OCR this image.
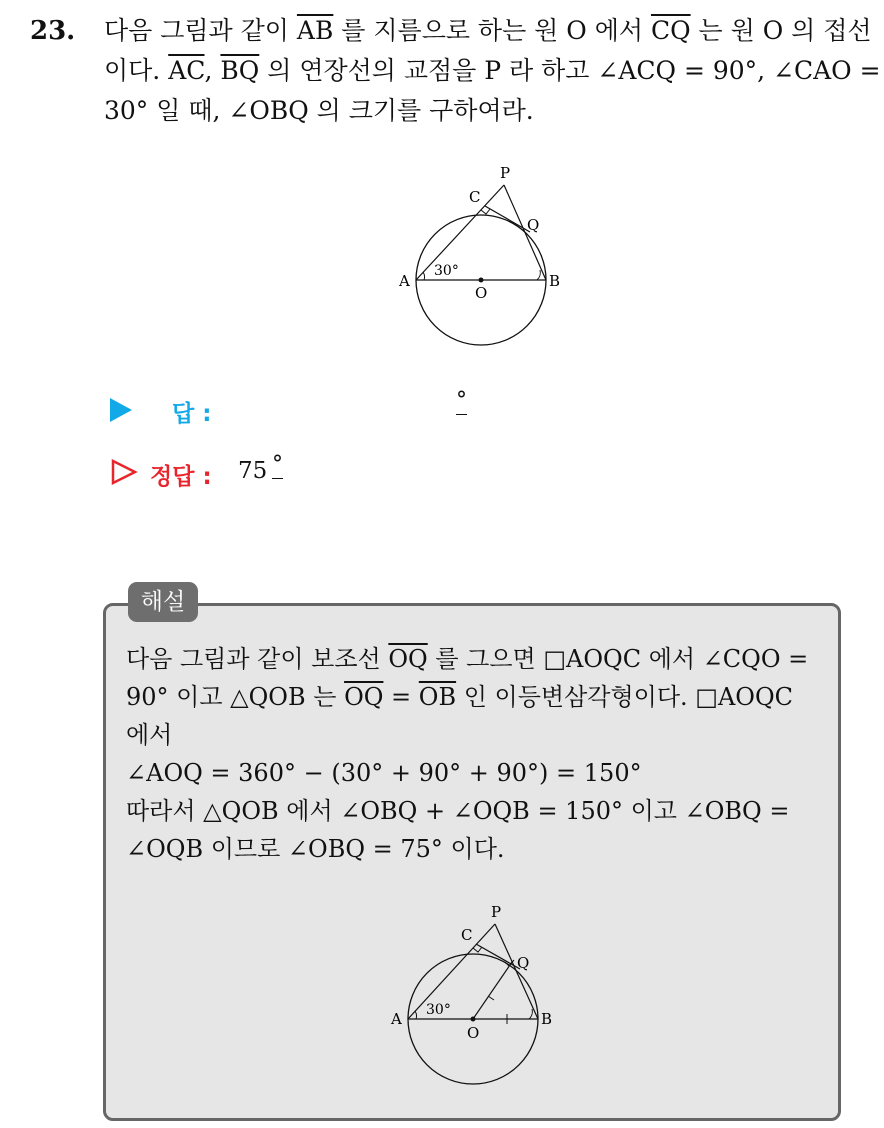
23. 다음 그림과 같이 $\overline{AB}$ 를 지름으로 하는 원 O 에서 $\overline{CQ}$ 는 원 O 의 접선
이다. $\overline{AC}$, $\overline{BQ}$ 의 연장선의 교점을 P 라 하고 ∠ACQ = 90°, ∠CAO =
30° 일 때, ∠OBQ 의 크기를 구하여라.
P
C
Q
A	B
O
30°
답 :
°
정답 : 75 °
해설
다음 그림과 같이 보조선 $\overline{OQ}$ 를 그으면 □AOQC 에서 ∠CQO =
90° 이고 △QOB 는 $\overline{OQ} = \overline{OB}$ 인 이등변삼각형이다. □AOQC
에서
∠AOQ = 360° − (30° + 90° + 90°) = 150°
따라서 △QOB 에서 ∠OBQ + ∠OQB = 150° 이고 ∠OBQ =
∠OQB 이므로 ∠OBQ = 75° 이다.
P
C
Q
A	B
O
30°
